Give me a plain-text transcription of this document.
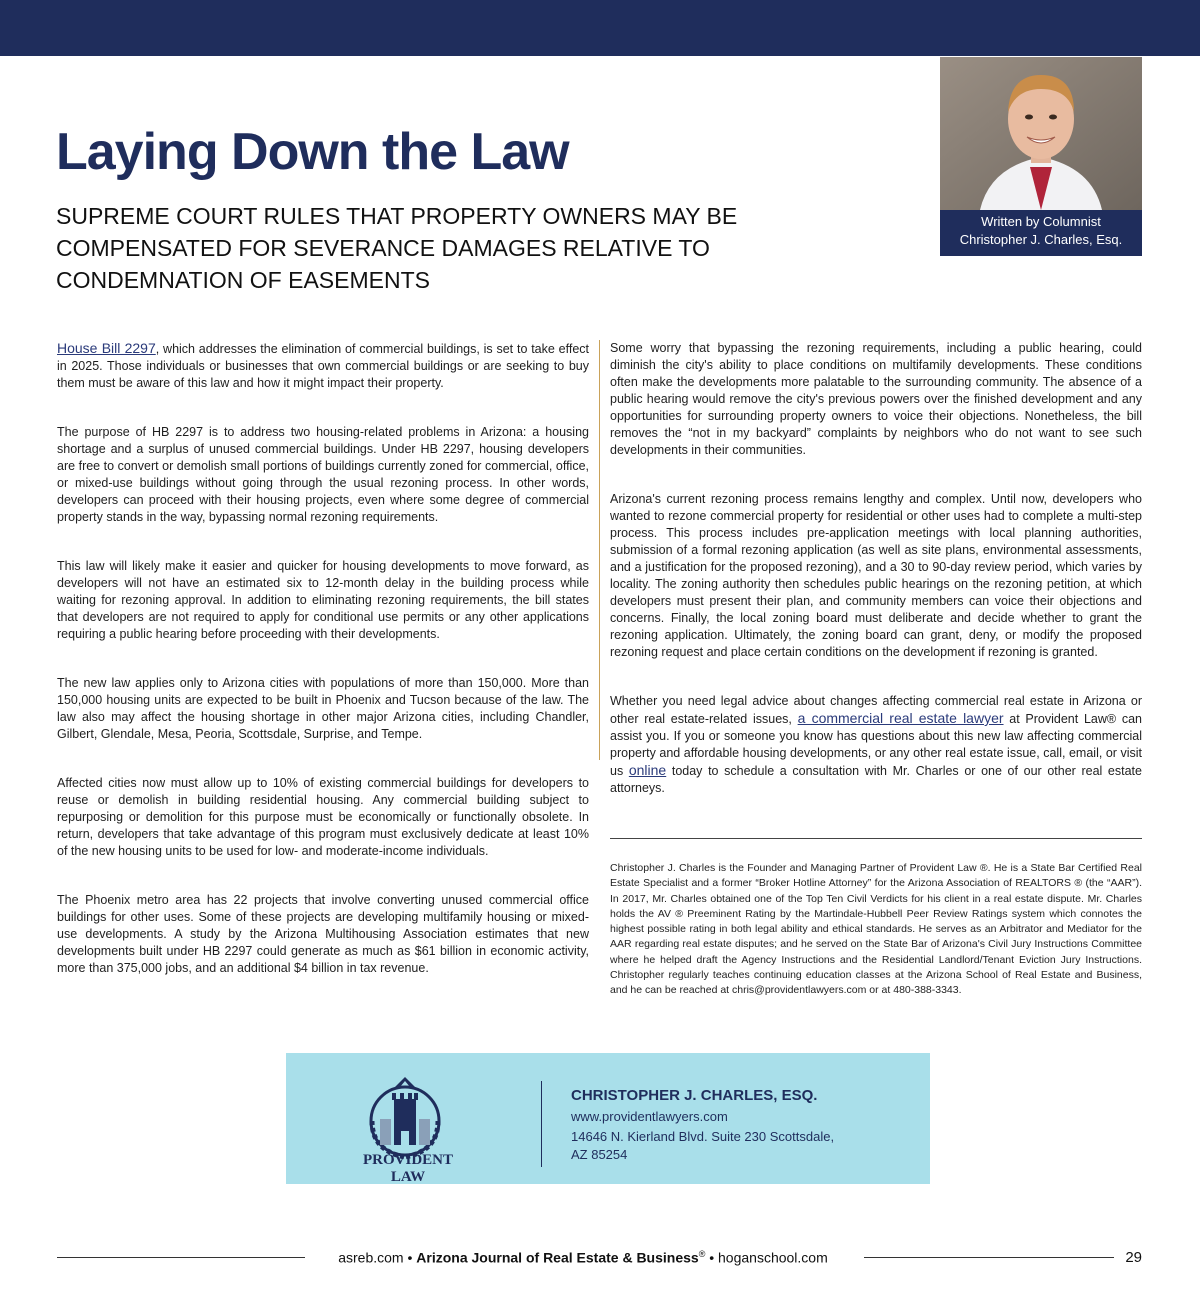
Laying Down the Law
SUPREME COURT RULES THAT PROPERTY OWNERS MAY BE COMPENSATED FOR SEVERANCE DAMAGES RELATIVE TO CONDEMNATION OF EASEMENTS
Written by Columnist
Christopher J. Charles, Esq.

House Bill 2297, which addresses the elimination of commercial buildings, is set to take effect in 2025. Those individuals or businesses that own commercial buildings or are seeking to buy them must be aware of this law and how it might impact their property.

The purpose of HB 2297 is to address two housing-related problems in Arizona: a housing shortage and a surplus of unused commercial buildings. Under HB 2297, housing developers are free to convert or demolish small portions of buildings currently zoned for commercial, office, or mixed-use buildings without going through the usual rezoning process. In other words, developers can proceed with their housing projects, even where some degree of commercial property stands in the way, bypassing normal rezoning requirements.

This law will likely make it easier and quicker for housing developments to move forward, as developers will not have an estimated six to 12-month delay in the building process while waiting for rezoning approval. In addition to eliminating rezoning requirements, the bill states that developers are not required to apply for conditional use permits or any other applications requiring a public hearing before proceeding with their developments.

The new law applies only to Arizona cities with populations of more than 150,000. More than 150,000 housing units are expected to be built in Phoenix and Tucson because of the law. The law also may affect the housing shortage in other major Arizona cities, including Chandler, Gilbert, Glendale, Mesa, Peoria, Scottsdale, Surprise, and Tempe.

Affected cities now must allow up to 10% of existing commercial buildings for developers to reuse or demolish in building residential housing. Any commercial building subject to repurposing or demolition for this purpose must be economically or functionally obsolete. In return, developers that take advantage of this program must exclusively dedicate at least 10% of the new housing units to be used for low- and moderate-income individuals.

The Phoenix metro area has 22 projects that involve converting unused commercial office buildings for other uses. Some of these projects are developing multifamily housing or mixed-use developments. A study by the Arizona Multihousing Association estimates that new developments built under HB 2297 could generate as much as $61 billion in economic activity, more than 375,000 jobs, and an additional $4 billion in tax revenue.

Some worry that bypassing the rezoning requirements, including a public hearing, could diminish the city's ability to place conditions on multifamily developments. These conditions often make the developments more palatable to the surrounding community. The absence of a public hearing would remove the city's previous powers over the finished development and any opportunities for surrounding property owners to voice their objections. Nonetheless, the bill removes the “not in my backyard” complaints by neighbors who do not want to see such developments in their communities.

Arizona's current rezoning process remains lengthy and complex. Until now, developers who wanted to rezone commercial property for residential or other uses had to complete a multi-step process. This process includes pre-application meetings with local planning authorities, submission of a formal rezoning application (as well as site plans, environmental assessments, and a justification for the proposed rezoning), and a 30 to 90-day review period, which varies by locality. The zoning authority then schedules public hearings on the rezoning petition, at which developers must present their plan, and community members can voice their objections and concerns. Finally, the local zoning board must deliberate and decide whether to grant the rezoning application. Ultimately, the zoning board can grant, deny, or modify the proposed rezoning request and place certain conditions on the development if rezoning is granted.

Whether you need legal advice about changes affecting commercial real estate in Arizona or other real estate-related issues, a commercial real estate lawyer at Provident Law® can assist you. If you or someone you know has questions about this new law affecting commercial property and affordable housing developments, or any other real estate issue, call, email, or visit us online today to schedule a consultation with Mr. Charles or one of our other real estate attorneys.

Christopher J. Charles is the Founder and Managing Partner of Provident Law ®. He is a State Bar Certified Real Estate Specialist and a former “Broker Hotline Attorney” for the Arizona Association of REALTORS ® (the “AAR”). In 2017, Mr. Charles obtained one of the Top Ten Civil Verdicts for his client in a real estate dispute. Mr. Charles holds the AV ® Preeminent Rating by the Martindale-Hubbell Peer Review Ratings system which connotes the highest possible rating in both legal ability and ethical standards. He serves as an Arbitrator and Mediator for the AAR regarding real estate disputes; and he served on the State Bar of Arizona's Civil Jury Instructions Committee where he helped draft the Agency Instructions and the Residential Landlord/Tenant Eviction Jury Instructions. Christopher regularly teaches continuing education classes at the Arizona School of Real Estate and Business, and he can be reached at chris@providentlawyers.com or at 480-388-3343.
PROVIDENT LAW
CHRISTOPHER J. CHARLES, ESQ.
www.providentlawyers.com
14646 N. Kierland Blvd. Suite 230 Scottsdale,
AZ 85254
asreb.com • Arizona Journal of Real Estate & Business® • hoganschool.com	29
